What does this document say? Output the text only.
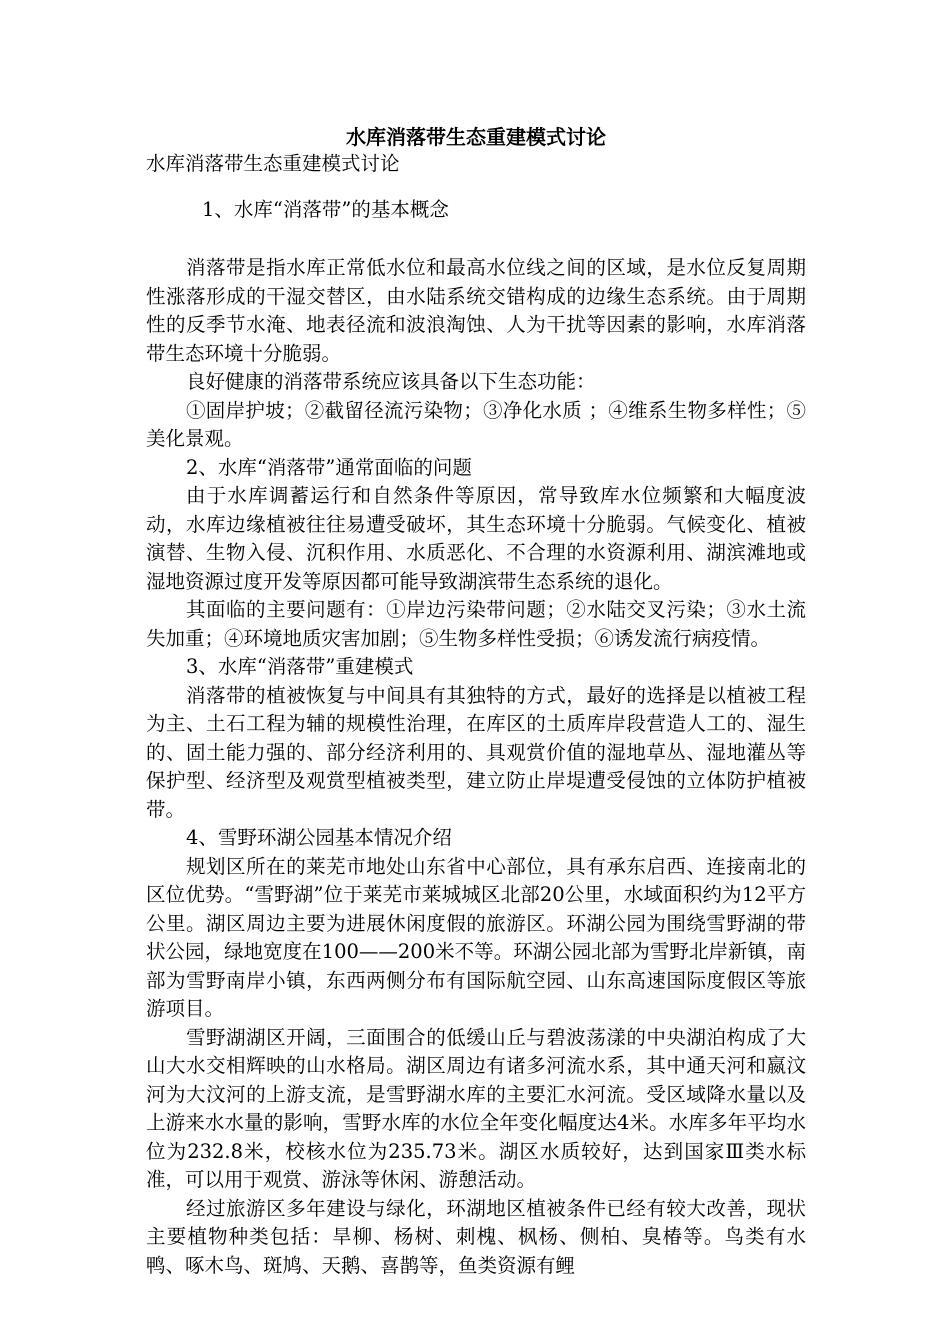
水库消落带生态重建模式讨论

水库消落带生态重建模式讨论

1、水库“消落带”的基本概念

消落带是指水库正常低水位和最高水位线之间的区域，是水位反复周期性涨落形成的干湿交替区，由水陆系统交错构成的边缘生态系统。由于周期性的反季节水淹、地表径流和波浪淘蚀、人为干扰等因素的影响，水库消落带生态环境十分脆弱。

良好健康的消落带系统应该具备以下生态功能：

①固岸护坡；②截留径流污染物；③净化水质 ；④维系生物多样性；⑤美化景观。

2、水库“消落带”通常面临的问题

由于水库调蓄运行和自然条件等原因，常导致库水位频繁和大幅度波动，水库边缘植被往往易遭受破坏，其生态环境十分脆弱。气候变化、植被演替、生物入侵、沉积作用、水质恶化、不合理的水资源利用、湖滨滩地或湿地资源过度开发等原因都可能导致湖滨带生态系统的退化。

其面临的主要问题有：①岸边污染带问题；②水陆交叉污染；③水土流失加重；④环境地质灾害加剧；⑤生物多样性受损；⑥诱发流行病疫情。

3、水库“消落带”重建模式

消落带的植被恢复与中间具有其独特的方式，最好的选择是以植被工程为主、土石工程为辅的规模性治理，在库区的土质库岸段营造人工的、湿生的、固土能力强的、部分经济利用的、具观赏价值的湿地草丛、湿地灌丛等保护型、经济型及观赏型植被类型，建立防止岸堤遭受侵蚀的立体防护植被带。

4、雪野环湖公园基本情况介绍

规划区所在的莱芜市地处山东省中心部位，具有承东启西、连接南北的区位优势。“雪野湖”位于莱芜市莱城城区北部20公里，水域面积约为12平方公里。湖区周边主要为进展休闲度假的旅游区。环湖公园为围绕雪野湖的带状公园，绿地宽度在100——200米不等。环湖公园北部为雪野北岸新镇，南部为雪野南岸小镇，东西两侧分布有国际航空园、山东高速国际度假区等旅游项目。

雪野湖湖区开阔，三面围合的低缓山丘与碧波荡漾的中央湖泊构成了大山大水交相辉映的山水格局。湖区周边有诸多河流水系，其中通天河和嬴汶河为大汶河的上游支流，是雪野湖水库的主要汇水河流。受区域降水量以及上游来水水量的影响，雪野水库的水位全年变化幅度达4米。水库多年平均水位为232.8米，校核水位为235.73米。湖区水质较好，达到国家Ⅲ类水标准，可以用于观赏、游泳等休闲、游憩活动。

经过旅游区多年建设与绿化，环湖地区植被条件已经有较大改善，现状主要植物种类包括：旱柳、杨树、刺槐、枫杨、侧柏、臭椿等。鸟类有水鸭、啄木鸟、斑鸠、天鹅、喜鹊等，鱼类资源有鲤
